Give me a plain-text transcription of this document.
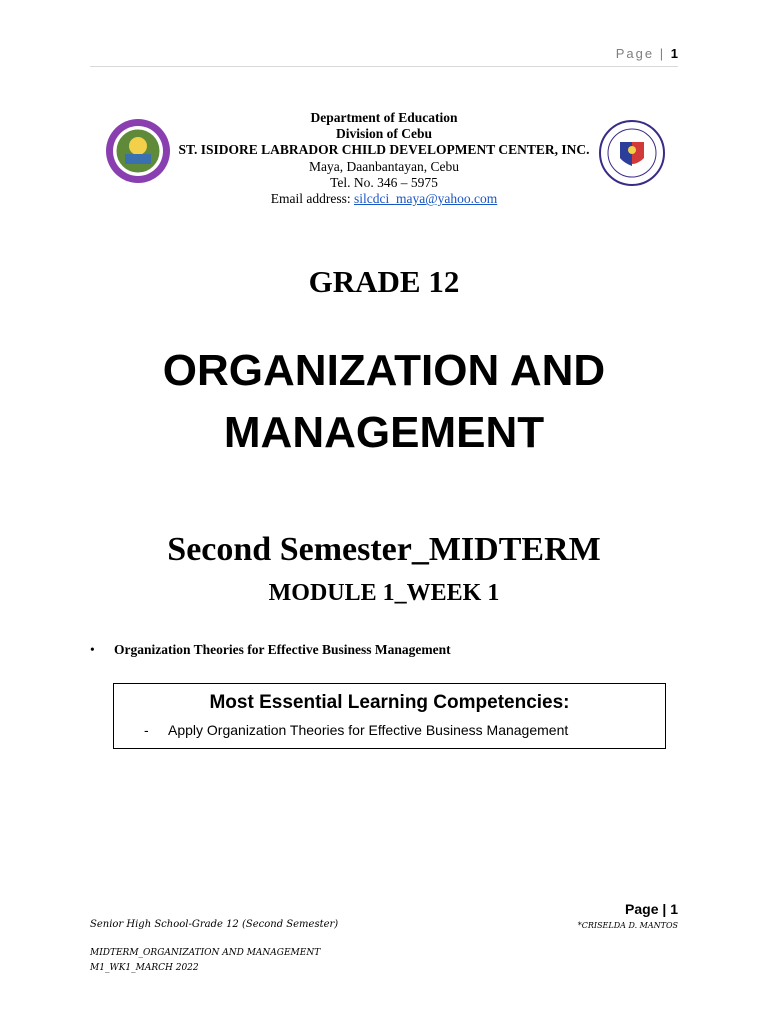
Page | 1
Department of Education
Division of Cebu
ST. ISIDORE LABRADOR CHILD DEVELOPMENT CENTER, INC.
Maya, Daanbantayan, Cebu
Tel. No. 346 – 5975
Email address: silcdci_maya@yahoo.com
GRADE 12
ORGANIZATION AND
MANAGEMENT
Second Semester_MIDTERM
MODULE 1_WEEK 1
• Organization Theories for Effective Business Management
Most Essential Learning Competencies:
- Apply Organization Theories for Effective Business Management
Page | 1
Senior High School-Grade 12 (Second Semester)	*CRISELDA D. MANTOS
MIDTERM_ORGANIZATION AND MANAGEMENT
M1_WK1_MARCH 2022
